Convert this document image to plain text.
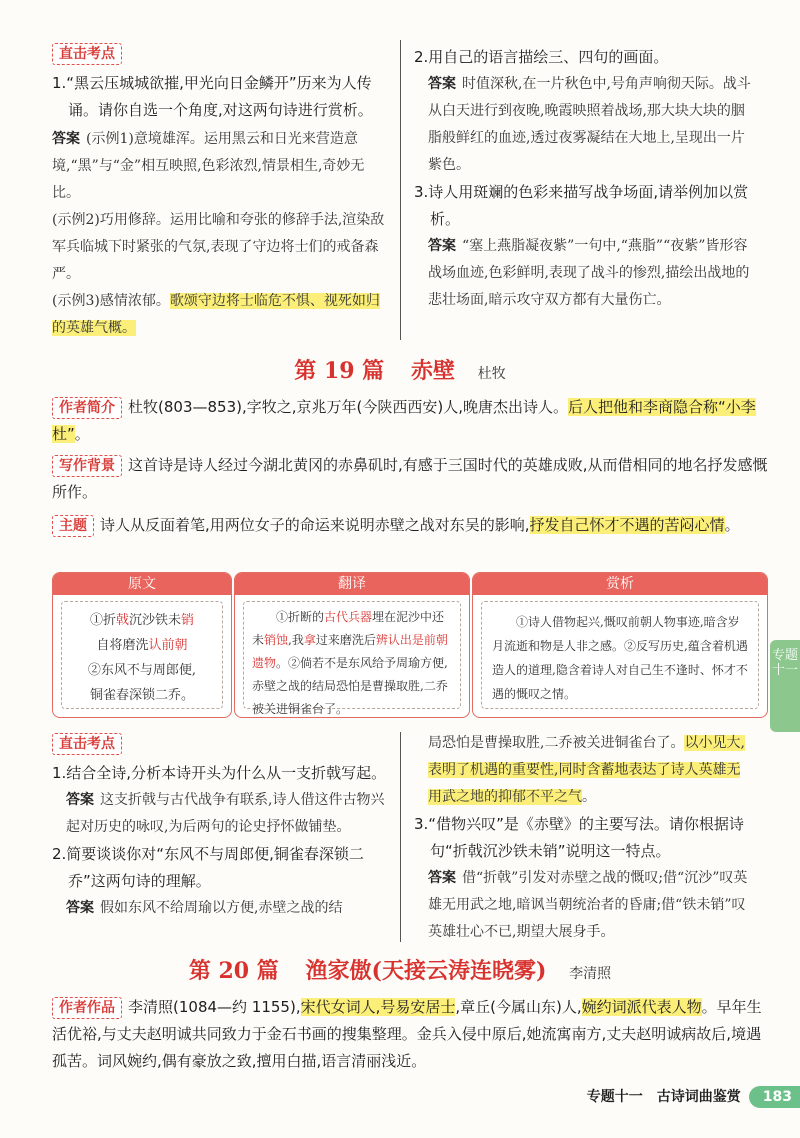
直击考点

1.“黑云压城城欲摧,甲光向日金鳞开”历来为人传诵。请你自选一个角度,对这两句诗进行赏析。

答案 (示例1)意境雄浑。运用黑云和日光来营造意境,“黑”与“金”相互映照,色彩浓烈,情景相生,奇妙无比。

(示例2)巧用修辞。运用比喻和夸张的修辞手法,渲染敌军兵临城下时紧张的气氛,表现了守边将士们的戒备森严。

(示例3)感情浓郁。歌颂守边将士临危不惧、视死如归的英雄气概。

2.用自己的语言描绘三、四句的画面。

答案 时值深秋,在一片秋色中,号角声响彻天际。战斗从白天进行到夜晚,晚霞映照着战场,那大块大块的胭脂般鲜红的血迹,透过夜雾凝结在大地上,呈现出一片紫色。

3.诗人用斑斓的色彩来描写战争场面,请举例加以赏析。

答案 “塞上燕脂凝夜紫”一句中,“燕脂”“夜紫”皆形容战场血迹,色彩鲜明,表现了战斗的惨烈,描绘出战地的悲壮场面,暗示攻守双方都有大量伤亡。

第 19 篇 赤壁 杜牧

作者简介 杜牧(803—853),字牧之,京兆万年(今陕西西安)人,晚唐杰出诗人。后人把他和李商隐合称“小李杜”。

写作背景 这首诗是诗人经过今湖北黄冈的赤鼻矶时,有感于三国时代的英雄成败,从而借相同的地名抒发感慨所作。

主题 诗人从反面着笔,用两位女子的命运来说明赤壁之战对东吴的影响,抒发自己怀才不遇的苦闷心情。

原文
①折戟沉沙铁未销
自将磨洗认前朝
②东风不与周郎便,
铜雀春深锁二乔。
翻译
①折断的古代兵器埋在泥沙中还未销蚀,我拿过来磨洗后辨认出是前朝遗物。②倘若不是东风给予周瑜方便,赤壁之战的结局恐怕是曹操取胜,二乔被关进铜雀台了。
赏析
①诗人借物起兴,慨叹前朝人物事迹,暗含岁月流逝和物是人非之感。②反写历史,蕴含着机遇造人的道理,隐含着诗人对自己生不逢时、怀才不遇的慨叹之情。
专题十一
直击考点

1.结合全诗,分析本诗开头为什么从一支折戟写起。

答案 这支折戟与古代战争有联系,诗人借这件古物兴起对历史的咏叹,为后两句的论史抒怀做铺垫。

2.简要谈谈你对“东风不与周郎便,铜雀春深锁二乔”这两句诗的理解。

答案 假如东风不给周瑜以方便,赤壁之战的结

局恐怕是曹操取胜,二乔被关进铜雀台了。以小见大,表明了机遇的重要性,同时含蓄地表达了诗人英雄无用武之地的抑郁不平之气。

3.“借物兴叹”是《赤壁》的主要写法。请你根据诗句“折戟沉沙铁未销”说明这一特点。

答案 借“折戟”引发对赤壁之战的慨叹;借“沉沙”叹英雄无用武之地,暗讽当朝统治者的昏庸;借“铁未销”叹英雄壮心不已,期望大展身手。

第 20 篇 渔家傲(天接云涛连晓雾) 李清照

作者作品 李清照(1084—约 1155),宋代女词人,号易安居士,章丘(今属山东)人,婉约词派代表人物。早年生活优裕,与丈夫赵明诚共同致力于金石书画的搜集整理。金兵入侵中原后,她流寓南方,丈夫赵明诚病故后,境遇孤苦。词风婉约,偶有豪放之致,擅用白描,语言清丽浅近。

专题十一　古诗词曲鉴赏 183
